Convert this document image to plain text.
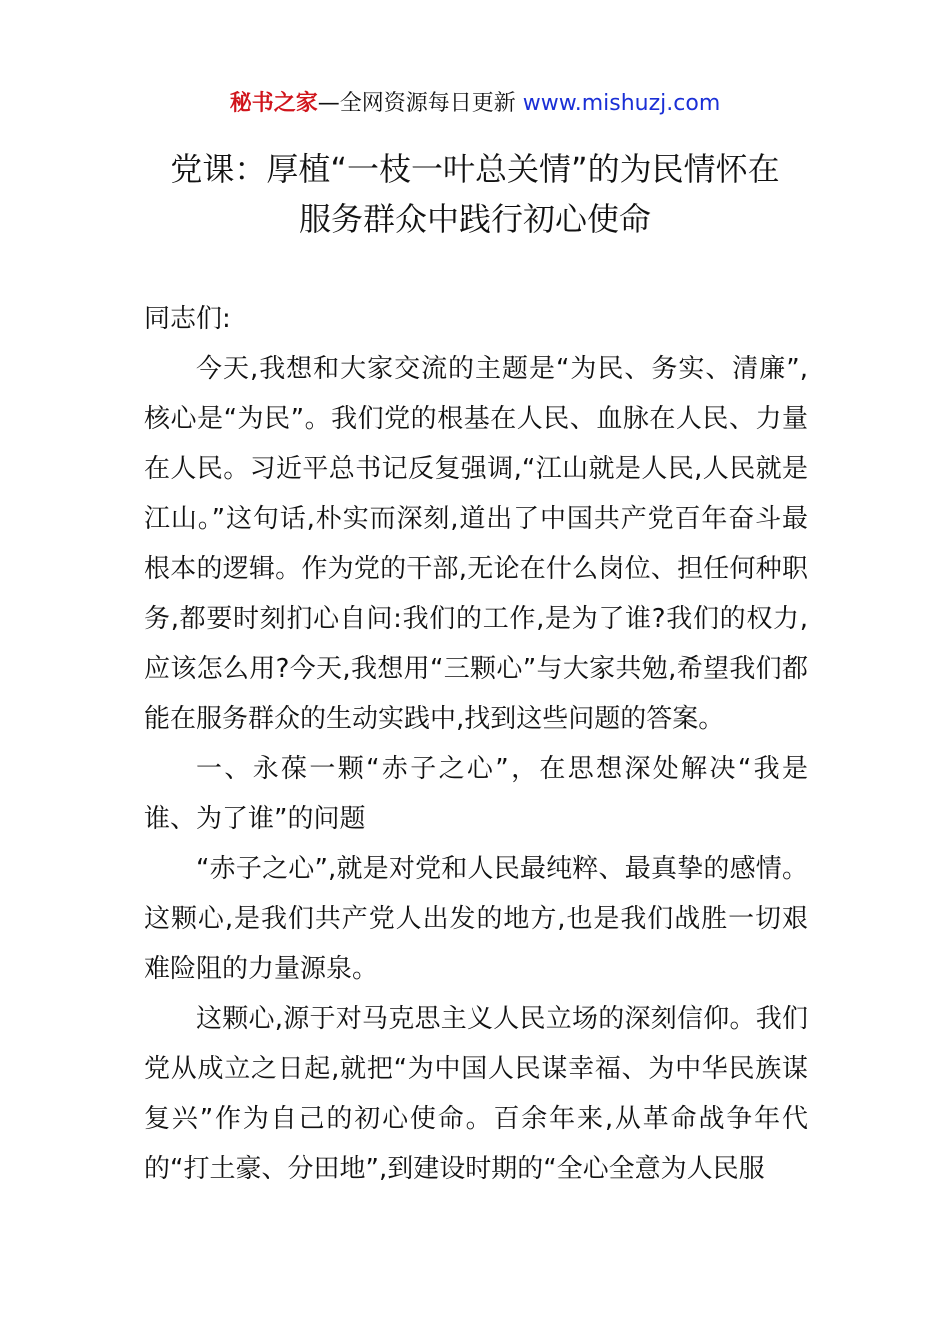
秘书之家—全网资源每日更新 www.mishuzj.com
党课：厚植“一枝一叶总关情”的为民情怀在
服务群众中践行初心使命

同志们:

今天,我想和大家交流的主题是“为民、务实、清廉”,核心是“为民”。我们党的根基在人民、血脉在人民、力量在人民。习近平总书记反复强调,“江山就是人民,人民就是江山。”这句话,朴实而深刻,道出了中国共产党百年奋斗最根本的逻辑。作为党的干部,无论在什么岗位、担任何种职务,都要时刻扪心自问:我们的工作,是为了谁?我们的权力,应该怎么用?今天,我想用“三颗心”与大家共勉,希望我们都能在服务群众的生动实践中,找到这些问题的答案。

一、永葆一颗“赤子之心”，在思想深处解决“我是谁、为了谁”的问题

“赤子之心”,就是对党和人民最纯粹、最真挚的感情。这颗心,是我们共产党人出发的地方,也是我们战胜一切艰难险阻的力量源泉。

这颗心,源于对马克思主义人民立场的深刻信仰。我们党从成立之日起,就把“为中国人民谋幸福、为中华民族谋复兴”作为自己的初心使命。百余年来,从革命战争年代的“打土豪、分田地”,到建设时期的“全心全意为人民服
